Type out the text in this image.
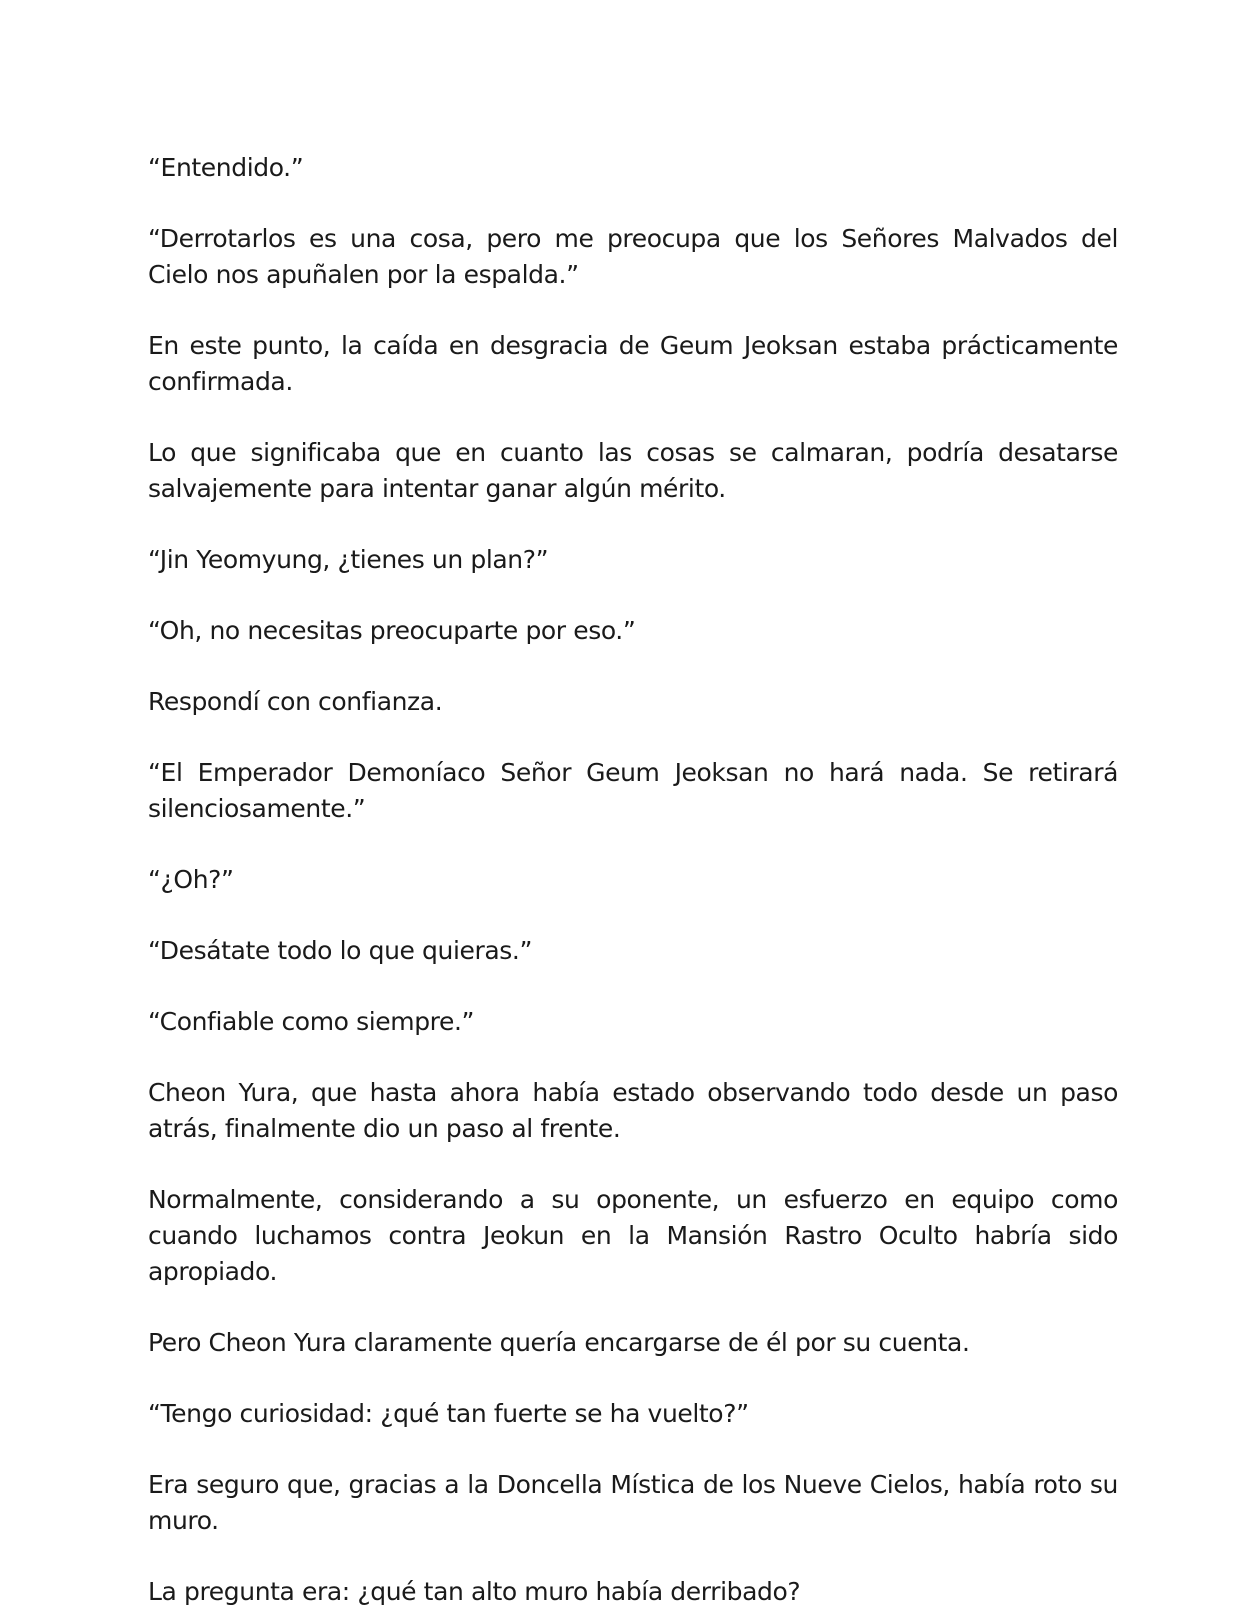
“Entendido.”

“Derrotarlos es una cosa, pero me preocupa que los Señores Malvados del Cielo nos apuñalen por la espalda.”

En este punto, la caída en desgracia de Geum Jeoksan estaba prácticamente confirmada.

Lo que significaba que en cuanto las cosas se calmaran, podría desatarse salvajemente para intentar ganar algún mérito.

“Jin Yeomyung, ¿tienes un plan?”

“Oh, no necesitas preocuparte por eso.”

Respondí con confianza.

“El Emperador Demoníaco Señor Geum Jeoksan no hará nada. Se retirará silenciosamente.”

“¿Oh?”

“Desátate todo lo que quieras.”

“Confiable como siempre.”

Cheon Yura, que hasta ahora había estado observando todo desde un paso atrás, finalmente dio un paso al frente.

Normalmente, considerando a su oponente, un esfuerzo en equipo como cuando luchamos contra Jeokun en la Mansión Rastro Oculto habría sido apropiado.

Pero Cheon Yura claramente quería encargarse de él por su cuenta.

“Tengo curiosidad: ¿qué tan fuerte se ha vuelto?”

Era seguro que, gracias a la Doncella Mística de los Nueve Cielos, había roto su muro.

La pregunta era: ¿qué tan alto muro había derribado?
